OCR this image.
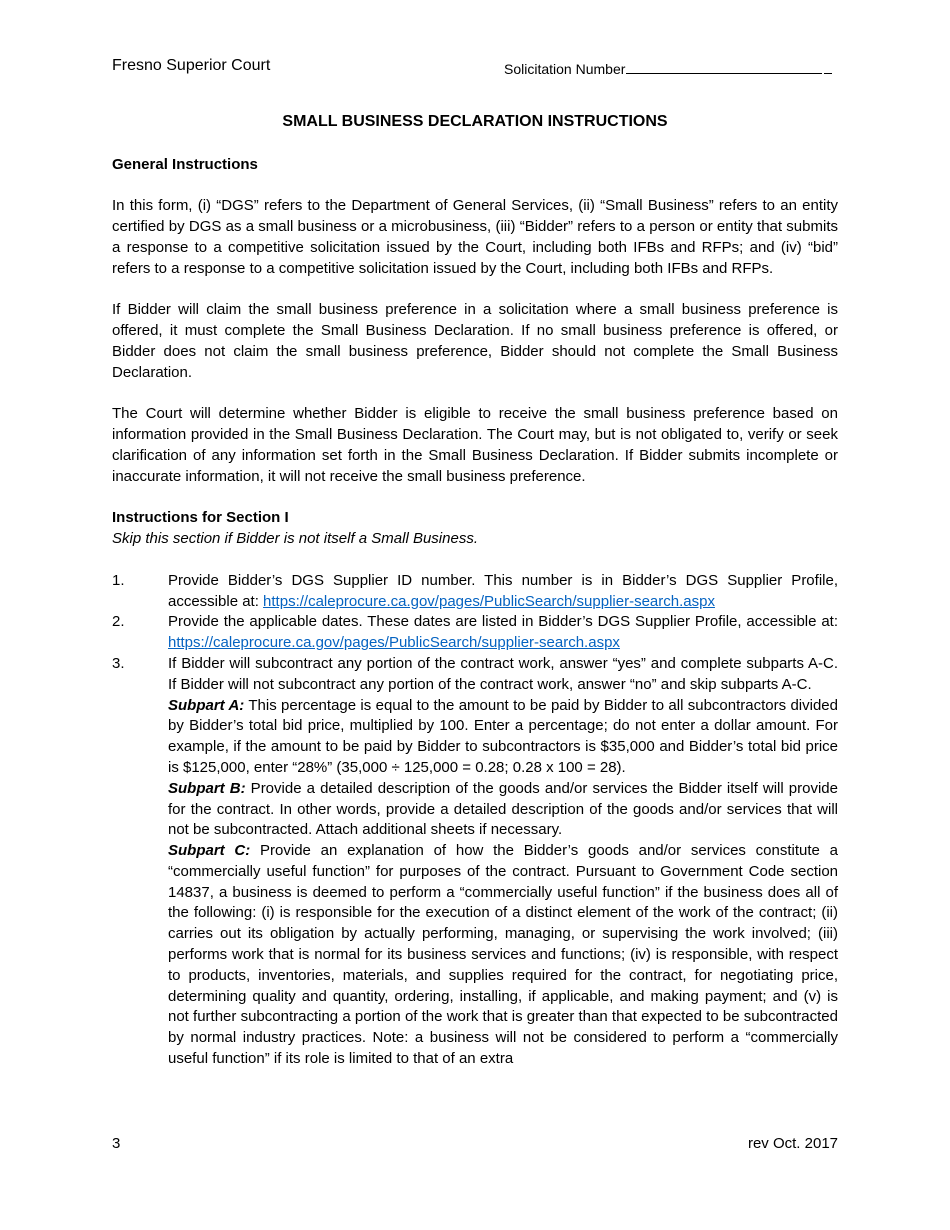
Fresno Superior Court	Solicitation Number
SMALL BUSINESS DECLARATION INSTRUCTIONS

General Instructions

In this form, (i) “DGS” refers to the Department of General Services, (ii) “Small Business” refers to an entity certified by DGS as a small business or a microbusiness, (iii) “Bidder” refers to a person or entity that submits a response to a competitive solicitation issued by the Court, including both IFBs and RFPs; and (iv) “bid” refers to a response to a competitive solicitation issued by the Court, including both IFBs and RFPs.

If Bidder will claim the small business preference in a solicitation where a small business preference is offered, it must complete the Small Business Declaration. If no small business preference is offered, or Bidder does not claim the small business preference, Bidder should not complete the Small Business Declaration.

The Court will determine whether Bidder is eligible to receive the small business preference based on information provided in the Small Business Declaration. The Court may, but is not obligated to, verify or seek clarification of any information set forth in the Small Business Declaration. If Bidder submits incomplete or inaccurate information, it will not receive the small business preference.

Instructions for Section I

Skip this section if Bidder is not itself a Small Business.

1.	Provide Bidder’s DGS Supplier ID number. This number is in Bidder’s DGS Supplier Profile, accessible at: https://caleprocure.ca.gov/pages/PublicSearch/supplier-search.aspx
2.	Provide the applicable dates. These dates are listed in Bidder’s DGS Supplier Profile, accessible at: https://caleprocure.ca.gov/pages/PublicSearch/supplier-search.aspx
3.	If Bidder will subcontract any portion of the contract work, answer “yes” and complete subparts A-C. If Bidder will not subcontract any portion of the contract work, answer “no” and skip subparts A-C.

Subpart A: This percentage is equal to the amount to be paid by Bidder to all subcontractors divided by Bidder’s total bid price, multiplied by 100. Enter a percentage; do not enter a dollar amount. For example, if the amount to be paid by Bidder to subcontractors is $35,000 and Bidder’s total bid price is $125,000, enter “28%” (35,000 ÷ 125,000 = 0.28; 0.28 x 100 = 28).

Subpart B: Provide a detailed description of the goods and/or services the Bidder itself will provide for the contract. In other words, provide a detailed description of the goods and/or services that will not be subcontracted. Attach additional sheets if necessary.

Subpart C: Provide an explanation of how the Bidder’s goods and/or services constitute a “commercially useful function” for purposes of the contract. Pursuant to Government Code section 14837, a business is deemed to perform a “commercially useful function” if the business does all of the following: (i) is responsible for the execution of a distinct element of the work of the contract; (ii) carries out its obligation by actually performing, managing, or supervising the work involved; (iii) performs work that is normal for its business services and functions; (iv) is responsible, with respect to products, inventories, materials, and supplies required for the contract, for negotiating price, determining quality and quantity, ordering, installing, if applicable, and making payment; and (v) is not further subcontracting a portion of the work that is greater than that expected to be subcontracted by normal industry practices. Note: a business will not be considered to perform a “commercially useful function” if its role is limited to that of an extra

3	rev Oct. 2017
